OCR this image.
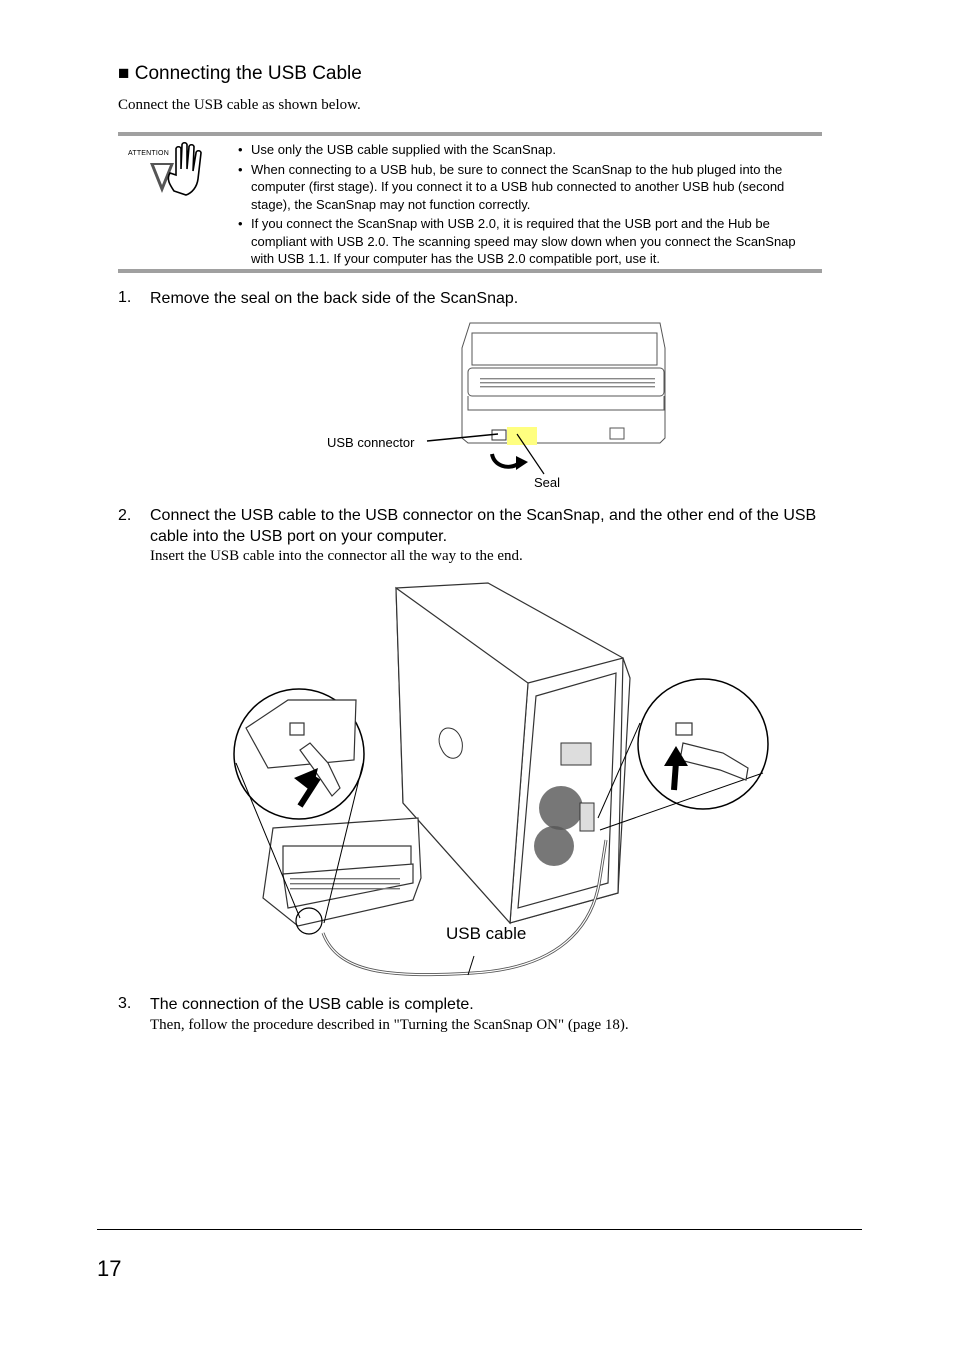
■ Connecting the USB Cable
Connect the USB cable as shown below.
• Use only the USB cable supplied with the ScanSnap.
• When connecting to a USB hub, be sure to connect the ScanSnap to the hub pluged into the computer (first stage). If you connect it to a USB hub connected to another USB hub (second stage), the ScanSnap may not function correctly.
• If you connect the ScanSnap with USB 2.0, it is required that the USB port and the Hub be compliant with USB 2.0. The scanning speed may slow down when you connect the ScanSnap with USB 1.1. If your computer has the USB 2.0 compatible port, use it.
ATTENTION
1. Remove the seal on the back side of the ScanSnap.
USB connector
Seal
2. Connect the USB cable to the USB connector on the ScanSnap, and the other end of the USB cable into the USB port on your computer.
Insert the USB cable into the connector all the way to the end.
USB cable
3. The connection of the USB cable is complete.
Then, follow the procedure described in "Turning the ScanSnap ON" (page 18).
17
